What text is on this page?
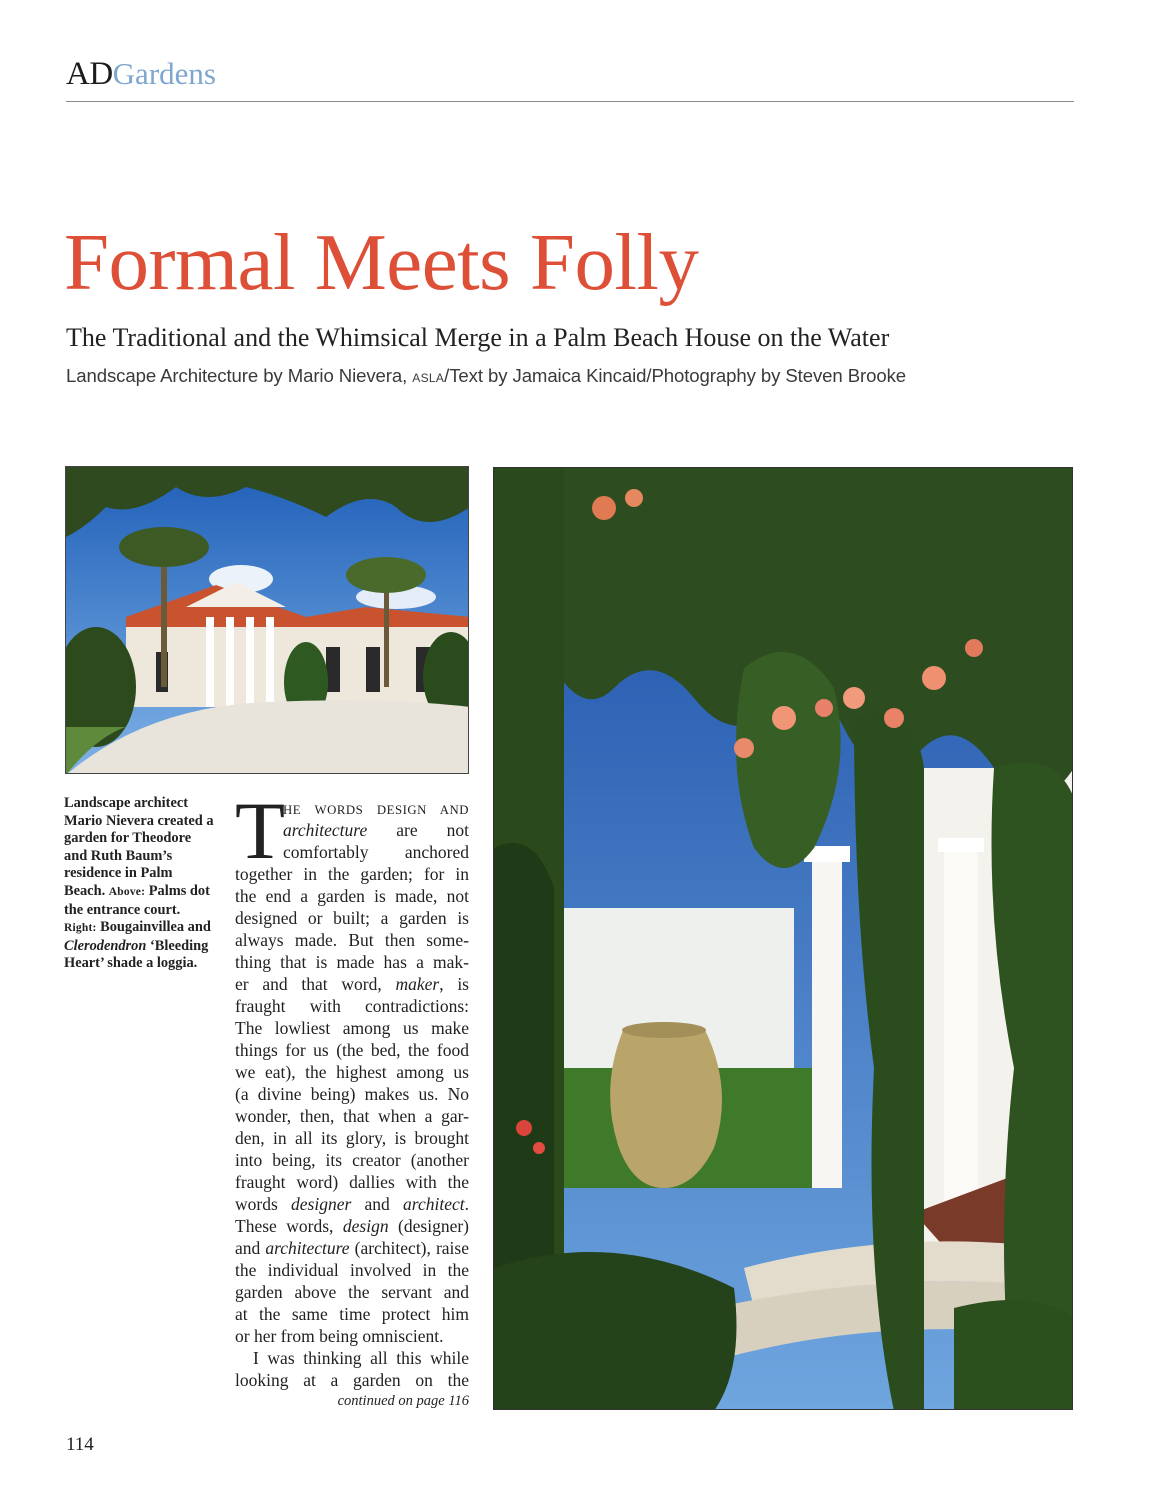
ADGardens
Formal Meets Folly
The Traditional and the Whimsical Merge in a Palm Beach House on the Water
Landscape Architecture by Mario Nievera, ASLA/Text by Jamaica Kincaid/Photography by Steven Brooke
Landscape architect Mario Nievera created a garden for Theodore and Ruth Baum’s residence in Palm Beach. Above: Palms dot the entrance court. Right: Bougainvillea and Clerodendron ‘Bleeding Heart’ shade a loggia.
T
HE WORDS DESIGN AND
architecture are not
comfortably anchored
together in the garden; for in
the end a garden is made, not
designed or built; a garden is
always made. But then some-
thing that is made has a mak-
er and that word, maker, is
fraught with contradictions:
The lowliest among us make
things for us (the bed, the food
we eat), the highest among us
(a divine being) makes us. No
wonder, then, that when a gar-
den, in all its glory, is brought
into being, its creator (another
fraught word) dallies with the
words designer and architect.
These words, design (designer)
and architecture (architect), raise
the individual involved in the
garden above the servant and
at the same time protect him
or her from being omniscient.
I was thinking all this while
looking at a garden on the
continued on page 116
114
